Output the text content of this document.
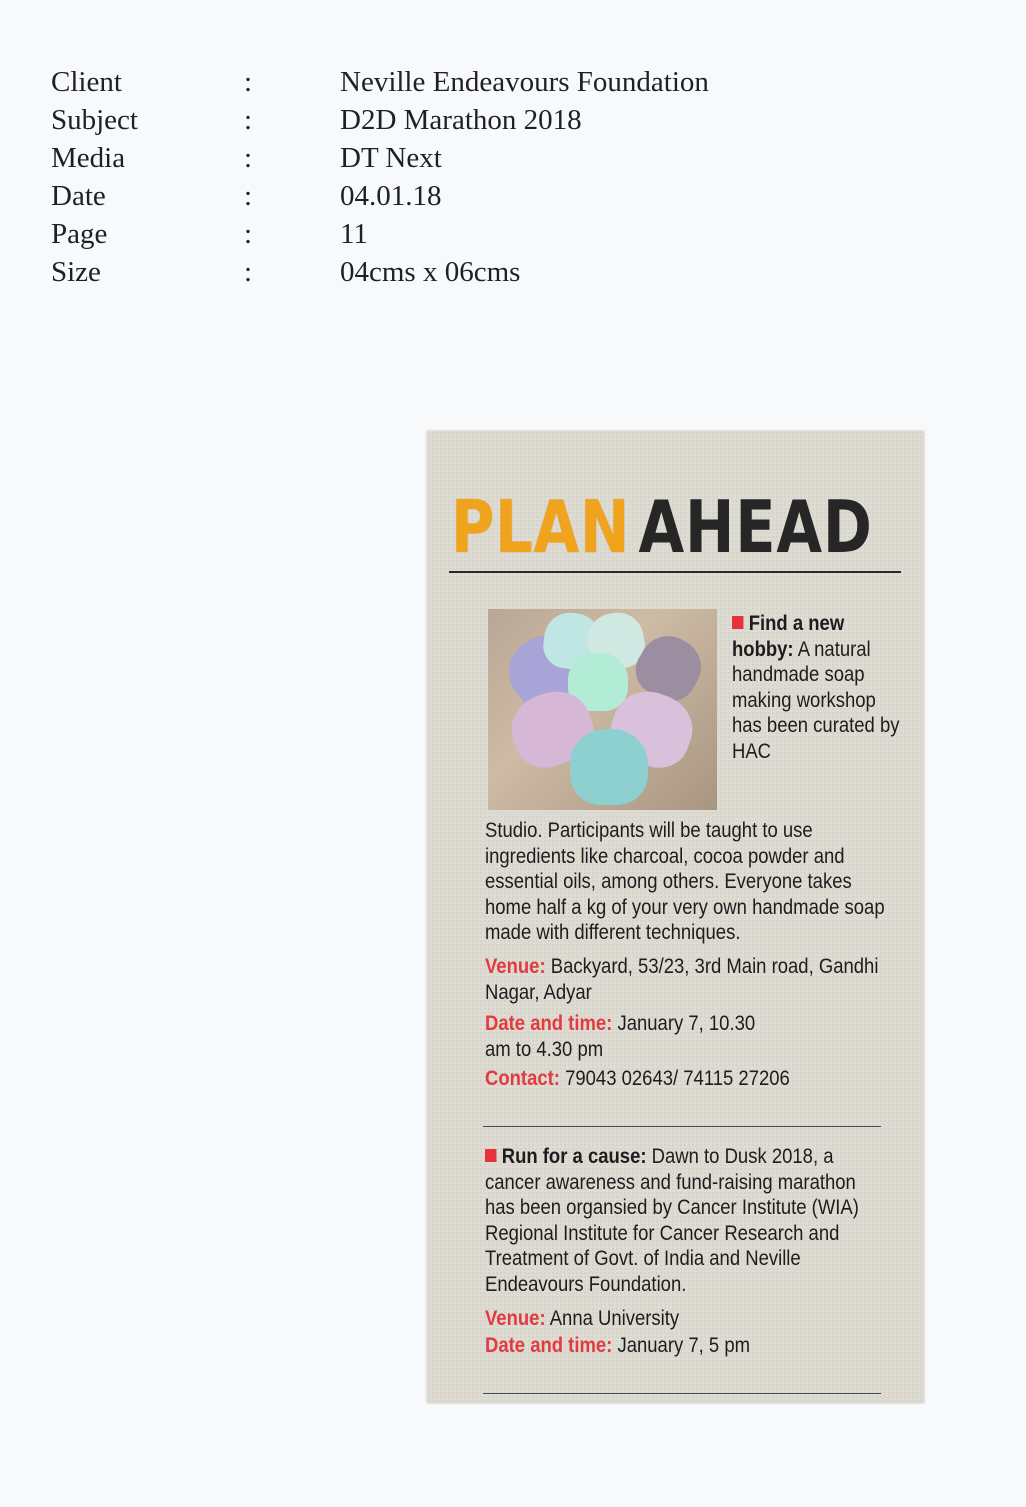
Client	:	Neville Endeavours Foundation
Subject	:	D2D Marathon 2018
Media	:	DT Next
Date	:	04.01.18
Page	:	11
Size	:	04cms x 06cms
PLAN AHEAD
Find a new hobby: A natural handmade soap making workshop has been curated by HAC
Studio. Participants will be taught to use ingredients like charcoal, cocoa powder and essential oils, among others. Everyone takes home half a kg of your very own handmade soap made with different techniques.
Venue: Backyard, 53/23, 3rd Main road, Gandhi Nagar, Adyar
Date and time: January 7, 10.30 am to 4.30 pm
Contact: 79043 02643/ 74115 27206
Run for a cause: Dawn to Dusk 2018, a cancer awareness and fund-raising marathon has been organsied by Cancer Institute (WIA) Regional Institute for Cancer Research and Treatment of Govt. of India and Neville Endeavours Foundation.
Venue: Anna University
Date and time: January 7, 5 pm
